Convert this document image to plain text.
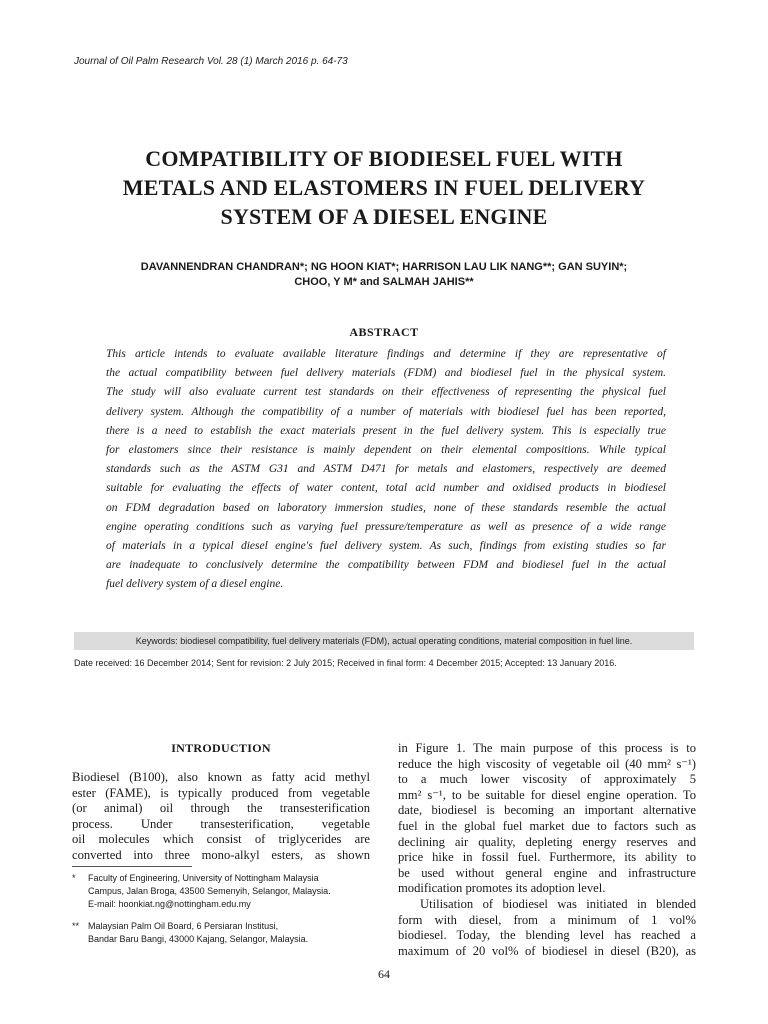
Journal of Oil Palm Research Vol. 28 (1) March 2016 p. 64-73
COMPATIBILITY OF BIODIESEL FUEL WITH
METALS AND ELASTOMERS IN FUEL DELIVERY
SYSTEM OF A DIESEL ENGINE
DAVANNENDRAN CHANDRAN*; NG HOON KIAT*; HARRISON LAU LIK NANG**; GAN SUYIN*;
CHOO, Y M* and SALMAH JAHIS**
ABSTRACT
This article intends to evaluate available literature findings and determine if they are representative of
the actual compatibility between fuel delivery materials (FDM) and biodiesel fuel in the physical system.
The study will also evaluate current test standards on their effectiveness of representing the physical fuel
delivery system. Although the compatibility of a number of materials with biodiesel fuel has been reported,
there is a need to establish the exact materials present in the fuel delivery system. This is especially true
for elastomers since their resistance is mainly dependent on their elemental compositions. While typical
standards such as the ASTM G31 and ASTM D471 for metals and elastomers, respectively are deemed
suitable for evaluating the effects of water content, total acid number and oxidised products in biodiesel
on FDM degradation based on laboratory immersion studies, none of these standards resemble the actual
engine operating conditions such as varying fuel pressure/temperature as well as presence of a wide range
of materials in a typical diesel engine's fuel delivery system. As such, findings from existing studies so far
are inadequate to conclusively determine the compatibility between FDM and biodiesel fuel in the actual
fuel delivery system of a diesel engine.
Keywords: biodiesel compatibility, fuel delivery materials (FDM), actual operating conditions, material composition in fuel line.
Date received: 16 December 2014; Sent for revision: 2 July 2015; Received in final form: 4 December 2015; Accepted: 13 January 2016.
INTRODUCTION
Biodiesel (B100), also known as fatty acid methyl
ester (FAME), is typically produced from vegetable
(or animal) oil through the transesterification
process. Under transesterification, vegetable
oil molecules which consist of triglycerides are
converted into three mono-alkyl esters, as shown
* Faculty of Engineering, University of Nottingham Malaysia
Campus, Jalan Broga, 43500 Semenyih, Selangor, Malaysia.
E-mail: hoonkiat.ng@nottingham.edu.my
** Malaysian Palm Oil Board, 6 Persiaran Institusi,
Bandar Baru Bangi, 43000 Kajang, Selangor, Malaysia.
in Figure 1. The main purpose of this process is to
reduce the high viscosity of vegetable oil (40 mm² s⁻¹)
to a much lower viscosity of approximately 5
mm² s⁻¹, to be suitable for diesel engine operation. To
date, biodiesel is becoming an important alternative
fuel in the global fuel market due to factors such as
declining air quality, depleting energy reserves and
price hike in fossil fuel. Furthermore, its ability to
be used without general engine and infrastructure
modification promotes its adoption level.
Utilisation of biodiesel was initiated in blended
form with diesel, from a minimum of 1 vol%
biodiesel. Today, the blending level has reached a
maximum of 20 vol% of biodiesel in diesel (B20), as
64
